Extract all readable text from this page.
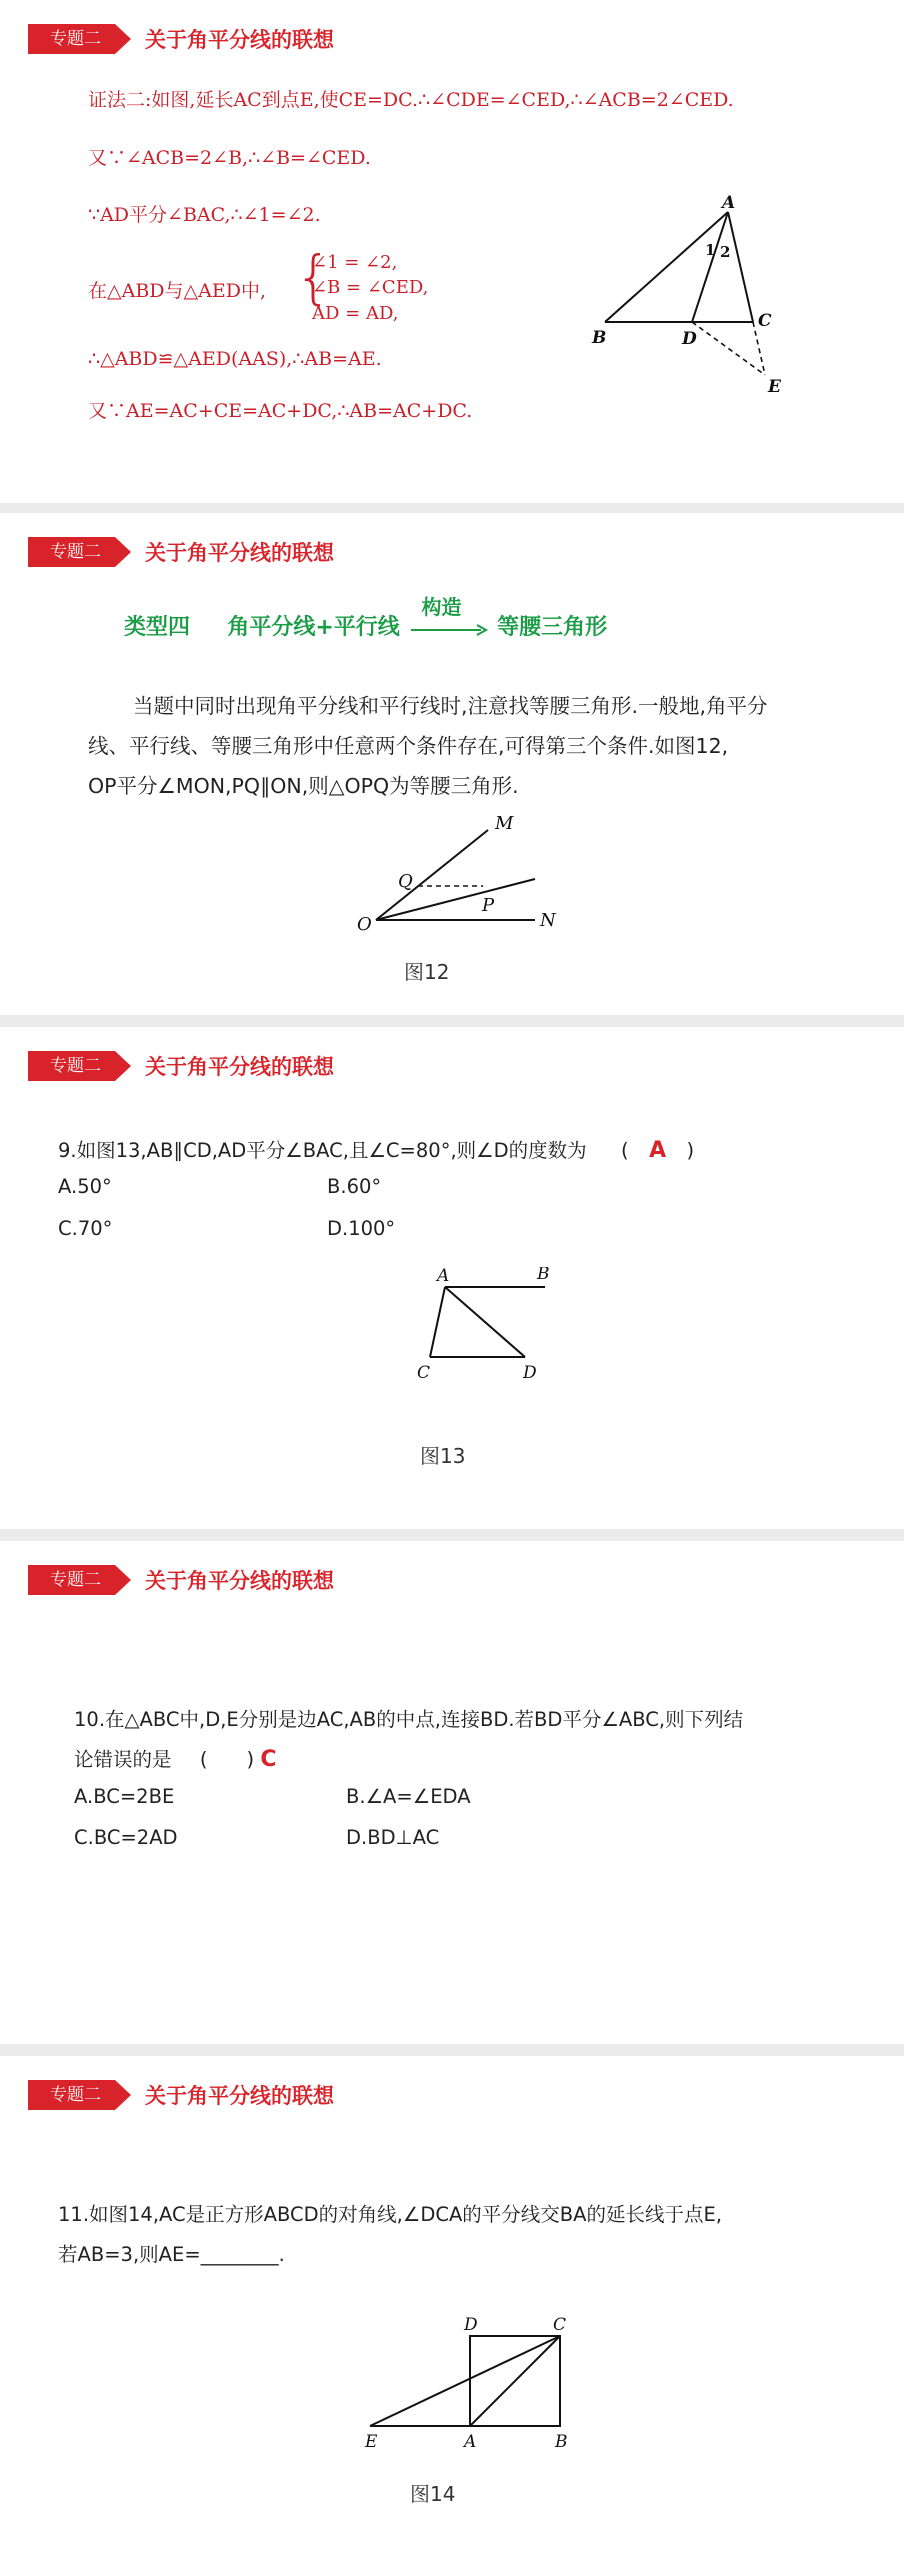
专题二	关于角平分线的联想
证法二:如图,延长AC到点E,使CE=DC.∴∠CDE=∠CED,∴∠ACB=2∠CED.
又∵∠ACB=2∠B,∴∠B=∠CED.
∵AD平分∠BAC,∴∠1=∠2.
在△ABD与△AED中, {
∠1 = ∠2,
∠B = ∠CED,
AD = AD,
∴△ABD≌△AED(AAS),∴AB=AE.
又∵AE=AC+CE=AC+DC,∴AB=AC+DC.
A
B
C
D
E
1 2
专题二	关于角平分线的联想
类型四 角平分线+平行线
构造
等腰三角形
当题中同时出现角平分线和平行线时,注意找等腰三角形.一般地,角平分
线、平行线、等腰三角形中任意两个条件存在,可得第三个条件.如图12,
OP平分∠MON,PQ∥ON,则△OPQ为等腰三角形.
M
Q
P
O	N
图12
专题二	关于角平分线的联想
9.如图13,AB∥CD,AD平分∠BAC,且∠C=80°,则∠D的度数为 ( A )
A.50°	B.60°
C.70°	D.100°
A	B
C	D
图13
专题二	关于角平分线的联想
10.在△ABC中,D,E分别是边AC,AB的中点,连接BD.若BD平分∠ABC,则下列结
论错误的是 (　　) C
A.BC=2BE	B.∠A=∠EDA
C.BC=2AD	D.BD⊥AC
专题二	关于角平分线的联想
11.如图14,AC是正方形ABCD的对角线,∠DCA的平分线交BA的延长线于点E,
若AB=3,则AE=________.
D	C
E	A	B
图14
